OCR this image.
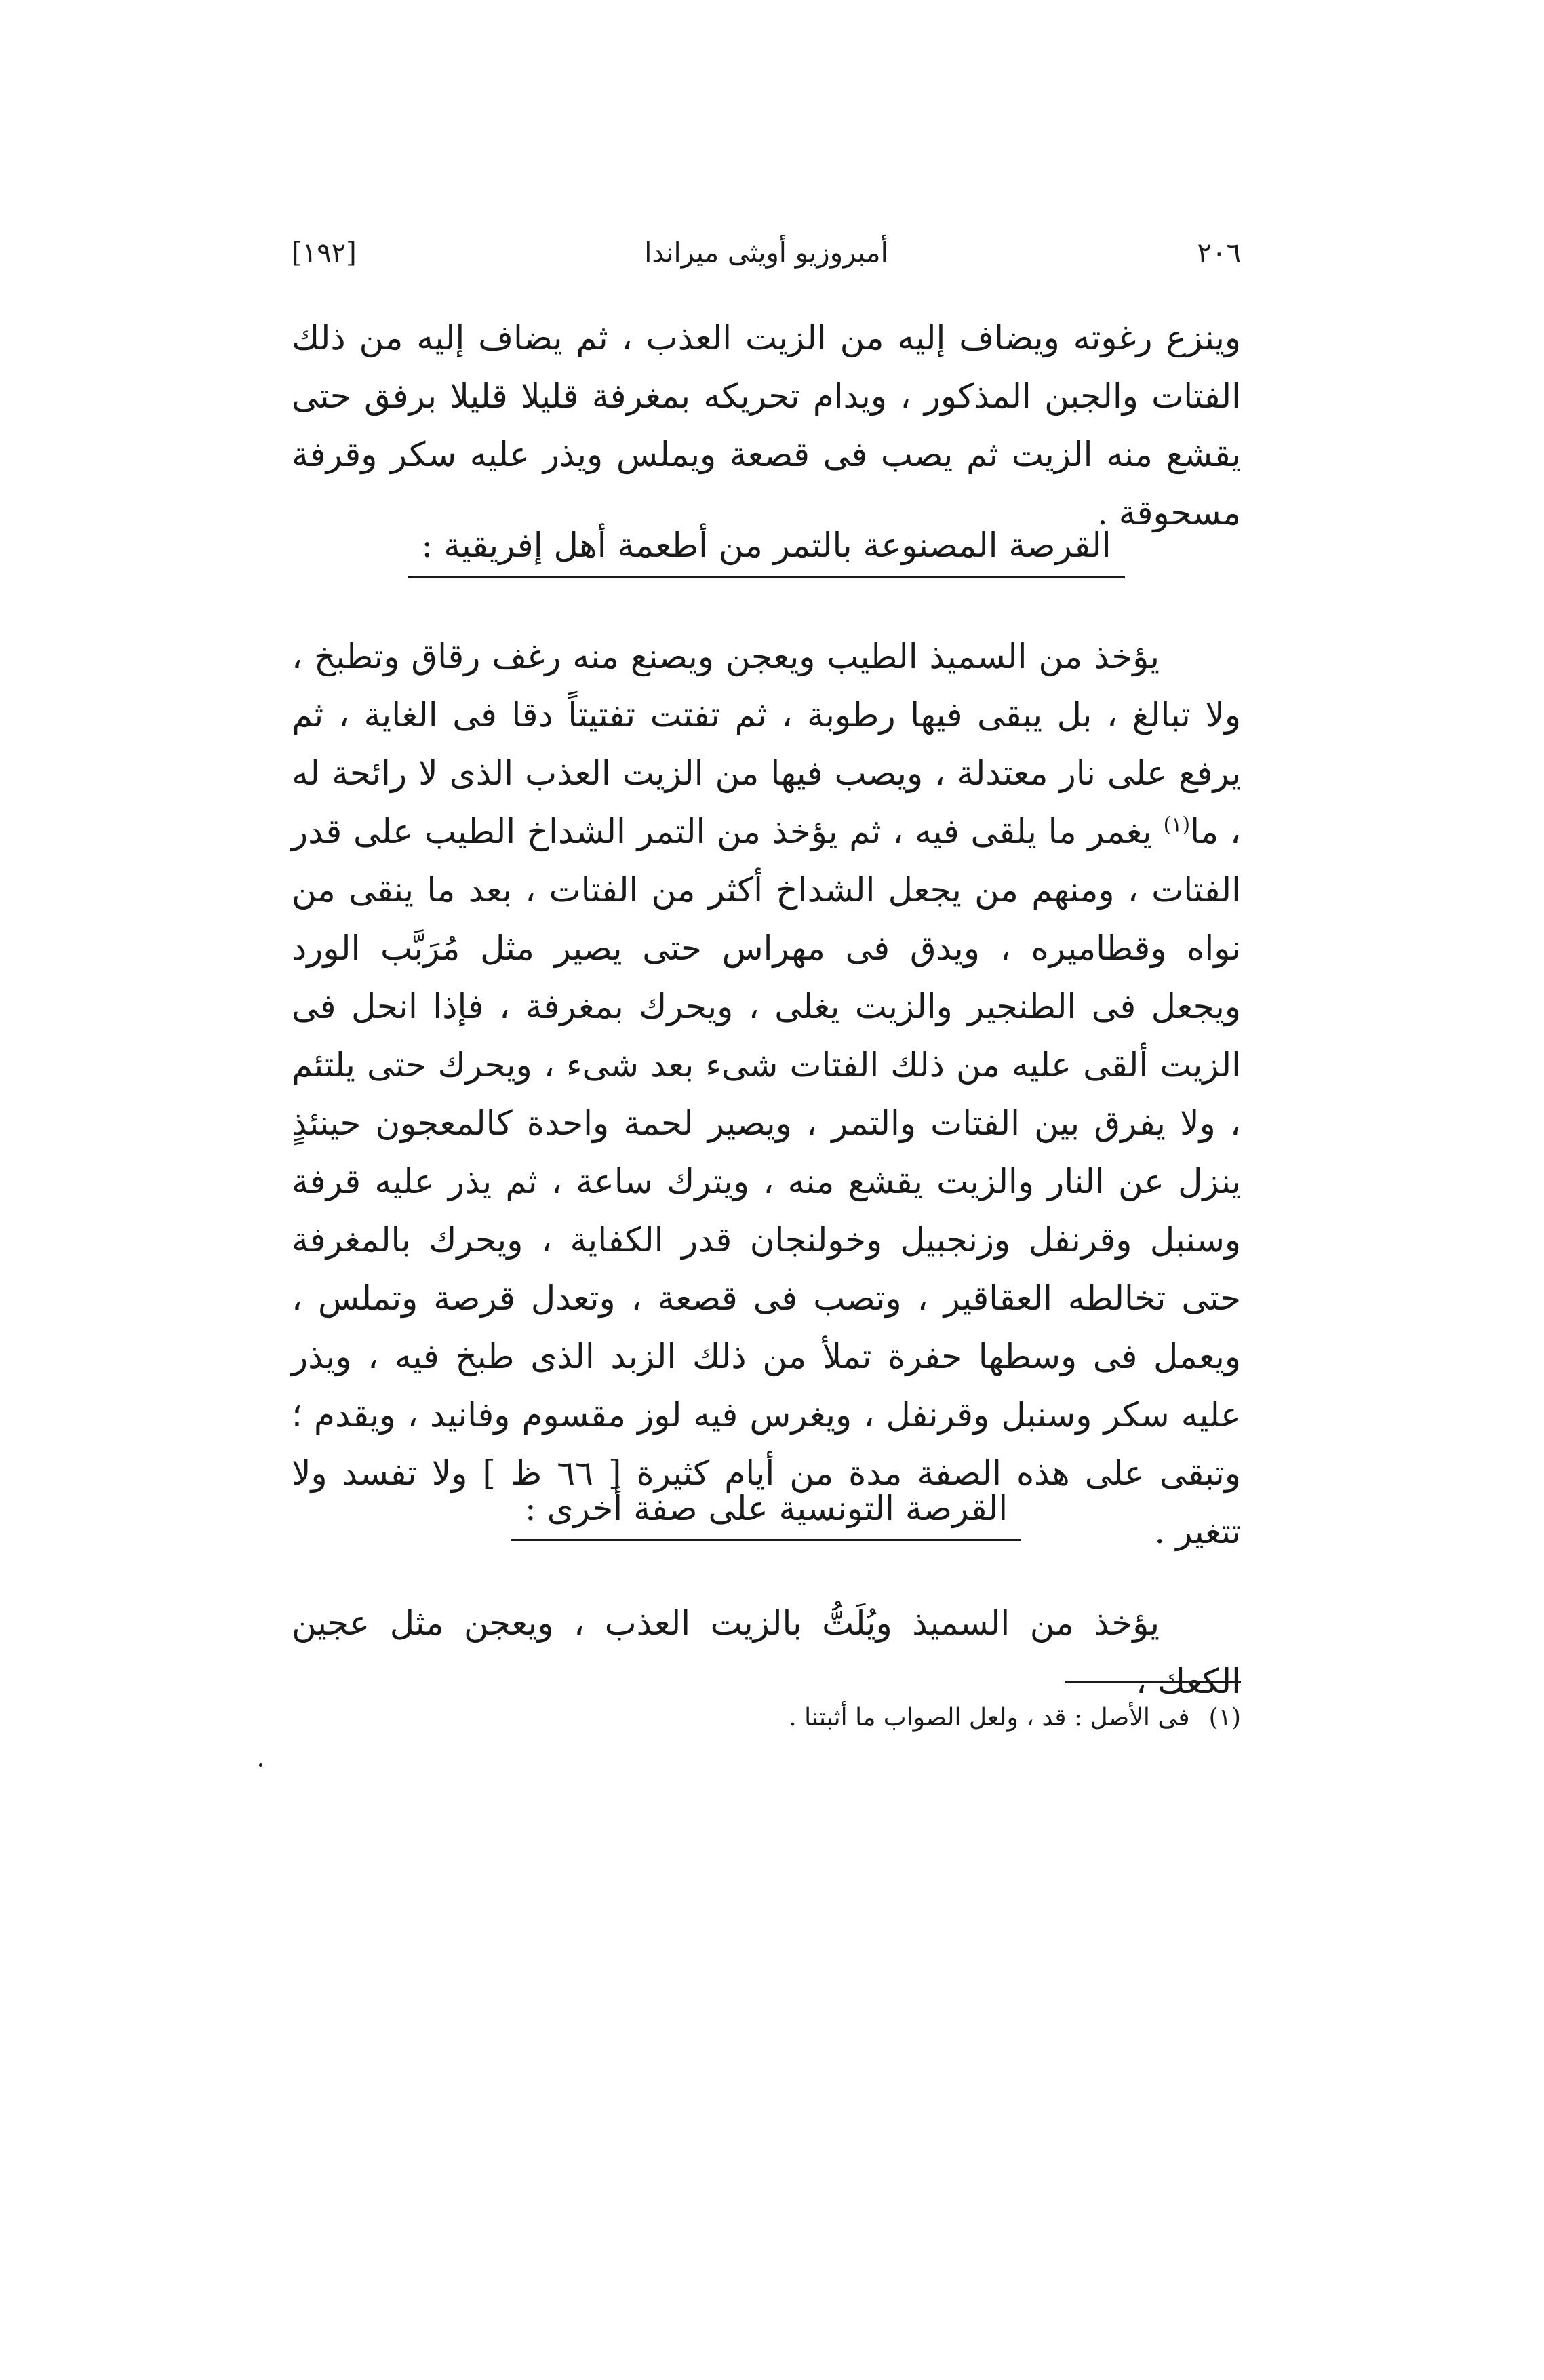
٢٠٦
أمبروزيو أويثى ميراندا
[١٩٢]

وينزع رغوته ويضاف إليه من الزيت العذب ، ثم يضاف إليه من ذلك الفتات والجبن المذكور ، ويدام تحريكه بمغرفة قليلا قليلا برفق حتى يقشع منه الزيت ثم يصب فى قصعة ويملس ويذر عليه سكر وقرفة مسحوقة .

القرصة المصنوعة بالتمر من أطعمة أهل إفريقية :

يؤخذ من السميذ الطيب ويعجن ويصنع منه رغف رقاق وتطبخ ، ولا تبالغ ، بل يبقى فيها رطوبة ، ثم تفتت تفتيتاً دقا فى الغاية ، ثم يرفع على نار معتدلة ، ويصب فيها من الزيت العذب الذى لا رائحة له ، ما$^{(١)}$ يغمر ما يلقى فيه ، ثم يؤخذ من التمر الشداخ الطيب على قدر الفتات ، ومنهم من يجعل الشداخ أكثر من الفتات ، بعد ما ينقى من نواه وقطاميره ، ويدق فى مهراس حتى يصير مثل مُرَبَّب الورد ويجعل فى الطنجير والزيت يغلى ، ويحرك بمغرفة ، فإذا انحل فى الزيت ألقى عليه من ذلك الفتات شىء بعد شىء ، ويحرك حتى يلتئم ، ولا يفرق بين الفتات والتمر ، ويصير لحمة واحدة كالمعجون حينئذٍ ينزل عن النار والزيت يقشع منه ، ويترك ساعة ، ثم يذر عليه قرفة وسنبل وقرنفل وزنجبيل وخولنجان قدر الكفاية ، ويحرك بالمغرفة حتى تخالطه العقاقير ، وتصب فى قصعة ، وتعدل قرصة وتملس ، ويعمل فى وسطها حفرة تملأ من ذلك الزبد الذى طبخ فيه ، ويذر عليه سكر وسنبل وقرنفل ، ويغرس فيه لوز مقسوم وفانيد ، ويقدم ؛ وتبقى على هذه الصفة مدة من أيام كثيرة [ ٦٦ ظ ] ولا تفسد ولا تتغير .

القرصة التونسية على صفة أخرى :

يؤخذ من السميذ ويُلَتُّ بالزيت العذب ، ويعجن مثل عجين الكعك ،

(١)فى الأصل : قد ، ولعل الصواب ما أثبتنا .
